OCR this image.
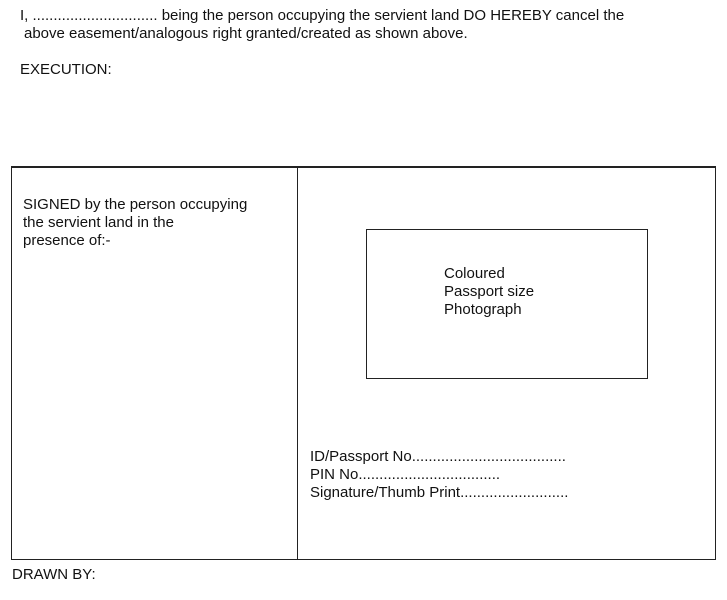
I, .............................. being the person occupying the servient land DO HEREBY cancel the
above easement/analogous right granted/created as shown above.
EXECUTION:
SIGNED by the person occupying
the servient land in the
presence of:-
Coloured
Passport size
Photograph
ID/Passport No.....................................
PIN No..................................
Signature/Thumb Print..........................
DRAWN BY:
